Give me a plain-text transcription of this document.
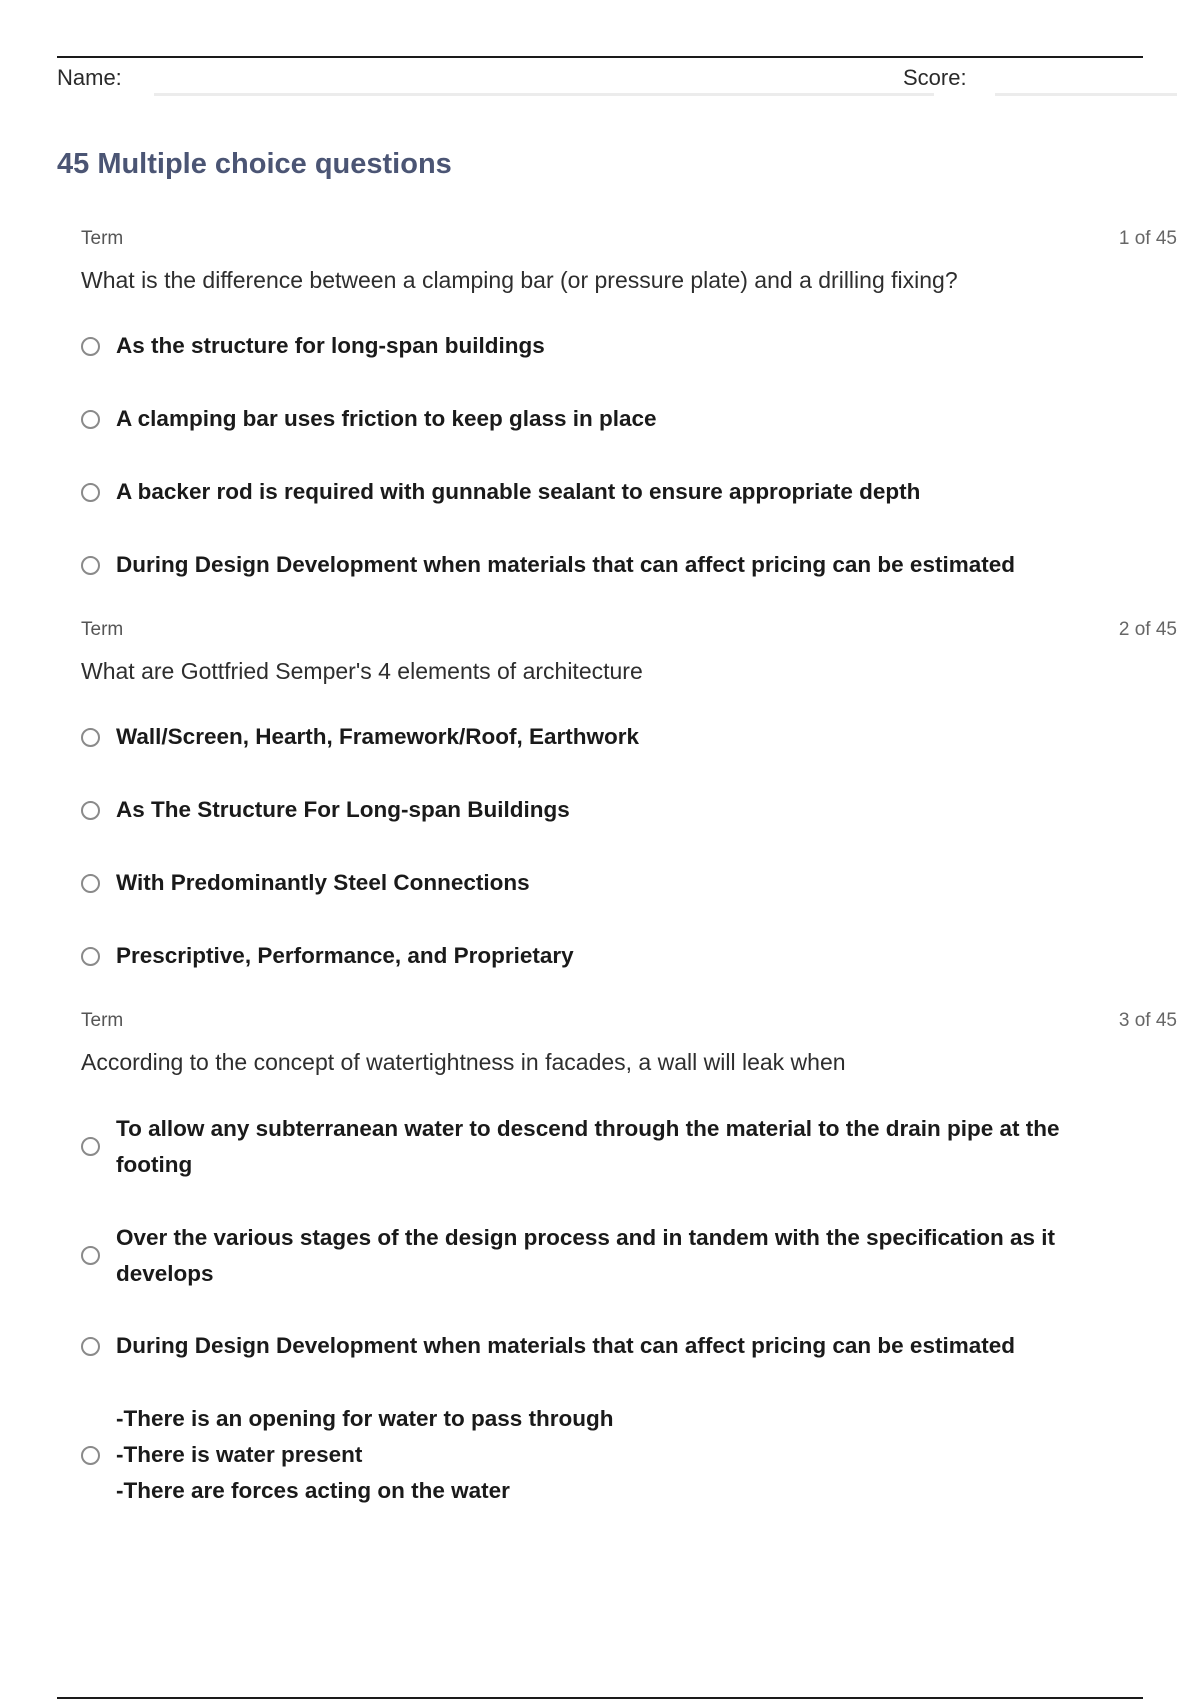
Name:	Score:
45 Multiple choice questions
Term	1 of 45
What is the difference between a clamping bar (or pressure plate) and a drilling fixing?
As the structure for long-span buildings
A clamping bar uses friction to keep glass in place
A backer rod is required with gunnable sealant to ensure appropriate depth
During Design Development when materials that can affect pricing can be estimated
Term	2 of 45
What are Gottfried Semper's 4 elements of architecture
Wall/Screen, Hearth, Framework/Roof, Earthwork
As The Structure For Long-span Buildings
With Predominantly Steel Connections
Prescriptive, Performance, and Proprietary
Term	3 of 45
According to the concept of watertightness in facades, a wall will leak when
To allow any subterranean water to descend through the material to the drain pipe at the
footing
Over the various stages of the design process and in tandem with the specification as it
develops
During Design Development when materials that can affect pricing can be estimated
-There is an opening for water to pass through
-There is water present
-There are forces acting on the water
